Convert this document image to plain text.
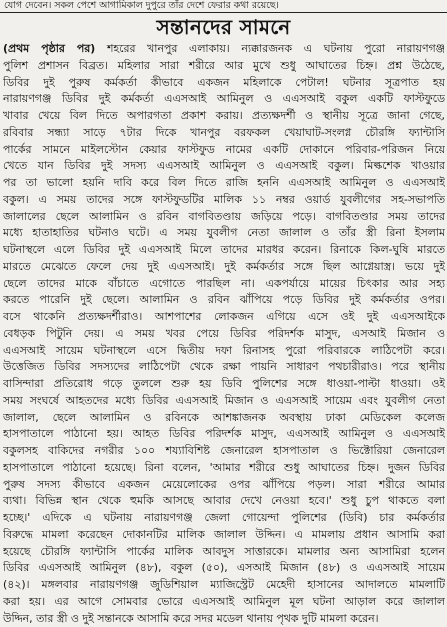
যোগ দেবেন। সকল পেশে আগামিকাল দুপুরে তাঁর দেশে ফেরার কথা রয়েছে।
সন্তানদের সামনে
(প্রথম পৃষ্ঠার পর) শহরের খানপুর এলাকায়। ন্যক্কারজনক এ ঘটনায় পুরো নারায়ণগঞ্জ
পুলিশ প্রশাসন বিব্রত। মহিলার সারা শরীরে আর মুখে শুধু আঘাতের চিহ্ন। প্রশ্ন উঠেছে,
ডিবির দুই পুরুষ কর্মকর্তা কীভাবে একজন মহিলাকে পেটাল! ঘটনার সূত্রপাত হয়
নারায়ণগঞ্জ ডিবির দুই কর্মকর্তা এএসআই আমিনুল ও এএসআই বকুল একটি ফাস্টফুডে
খাবার খেয়ে বিল দিতে অপারগতা প্রকাশ করায়। প্রত্যক্ষদর্শী ও স্থানীয় সূত্রে জানা গেছে,
রবিবার সন্ধ্যা সাড়ে ৭টার দিকে খানপুর বরফকল খেয়াঘাট-সংলগ্ন চৌরঙ্গি ফ্যান্টাসি
পার্কের সামনে মাইলস্টোন কেয়ার ফাস্টফুড নামের একটি দোকানে পরিবার-পরিজন নিয়ে
খেতে যান ডিবির দুই সদস্য এএসআই আমিনুল ও এএসআই বকুল। মিল্কশেক খাওয়ার
পর তা ভালো হয়নি দাবি করে বিল দিতে রাজি হননি এএসআই আমিনুল ও এএসআই
বকুল। এ সময় তাদের সঙ্গে ফাস্টফুডটির মালিক ১১ নম্বর ওয়ার্ড যুবলীগের সহ-সভাপতি
জালালের ছেলে আলামিন ও রবিন বাগবিতণ্ডায় জড়িয়ে পড়ে। বাগবিতণ্ডার সময় তাদের
মধ্যে হাতাহাতির ঘটনাও ঘটে। এ সময় যুবলীগ নেতা জালাল ও তাঁর স্ত্রী রিনা ইসলাম
ঘটনাস্থলে এলে ডিবির দুই এএসআই মিলে তাদের মারধর করেন। রিনাকে কিল-ঘুষি মারতে
মারতে মেঝেতে ফেলে দেয় দুই এএসআই। দুই কর্মকর্তার সঙ্গে ছিল আগ্নেয়াস্ত্র। ভয়ে দুই
ছেলে তাদের মাকে বাঁচাতে এগোতে পারছিল না। একপর্যায়ে মায়ের চিৎকার আর সহ্য
করতে পারেনি দুই ছেলে। আলামিন ও রবিন ঝাঁপিয়ে পড়ে ডিবির দুই কর্মকর্তার ওপর।
বসে থাকেনি প্রত্যক্ষদর্শীরাও। আশপাশের লোকজন এগিয়ে এসে ওই দুই এএসআইকে
বেধড়ক পিটুনি দেয়। এ সময় খবর পেয়ে ডিবির পরিদর্শক মাসুদ, এসআই মিজান ও
এএসআই সায়েম ঘটনাস্থলে এসে দ্বিতীয় দফা রিনাসহ পুরো পরিবারকে লাঠিপেটা করে।
উত্তেজিত ডিবির সদস্যদের লাঠিপেটা থেকে রক্ষা পায়নি সাধারণ পথচারীরাও। পরে স্থানীয়
বাসিন্দারা প্রতিরোধ গড়ে তুললে শুরু হয় ডিবি পুলিশের সঙ্গে ধাওয়া-পাল্টা ধাওয়া। ওই
সময় সংঘর্ষে আহতদের মধ্যে ডিবির এএসআই মিজান ও এএসআই সায়েম এবং যুবলীগ নেতা
জালাল, ছেলে আলামিন ও রবিনকে আশঙ্কাজনক অবস্থায় ঢাকা মেডিকেল কলেজ
হাসপাতালে পাঠানো হয়। আহত ডিবির পরিদর্শক মাসুদ, এএসআই আমিনুল ও এএসআই
বকুলসহ বাকিদের নগরীর ১০০ শয্যাবিশিষ্ট জেনারেল হাসপাতাল ও ভিক্টোরিয়া জেনারেল
হাসপাতালে পাঠানো হয়েছে। রিনা বলেন, 'আমার শরীরে শুধু আঘাতের চিহ্ন। দুজন ডিবির
পুরুষ সদস্য কীভাবে একজন মেয়েলোকের ওপর ঝাঁপিয়ে পড়ল। সারা শরীরে আমার
ব্যথা। বিভিন্ন স্থান থেকে হুমকি আসছে আবার দেখে নেওয়া হবে।' শুধু চুপ থাকতে বলা
হচ্ছে।' এদিকে এ ঘটনায় নারায়ণগঞ্জ জেলা গোয়েন্দা পুলিশের (ডিবি) চার কর্মকর্তার
বিরুদ্ধে মামলা করেছেন দোকানটির মালিক জালাল উদ্দিন। এ মামলায় প্রধান আসামি করা
হয়েছে চৌরঙ্গি ফ্যান্টাসি পার্কের মালিক আবদুস সাত্তারকে। মামলার অন্য আসামিরা হলেন
ডিবির এএসআই আমিনুল (৪৮), বকুল (৫০), এসআই মিজান (৪৮) ও এএসআই সায়েম
(৪২)। মঙ্গলবার নারায়ণগঞ্জ জুডিশিয়াল ম্যাজিস্ট্রেট মেহেদী হাসানের আদালতে মামলাটি
করা হয়। এর আগে সোমবার ভোরে এএসআই আমিনুল মূল ঘটনা আড়াল করে জালাল
উদ্দিন, তার স্ত্রী ও দুই সন্তানকে আসামি করে সদর মডেল থানায় পৃথক দুটি মামলা করেন।
